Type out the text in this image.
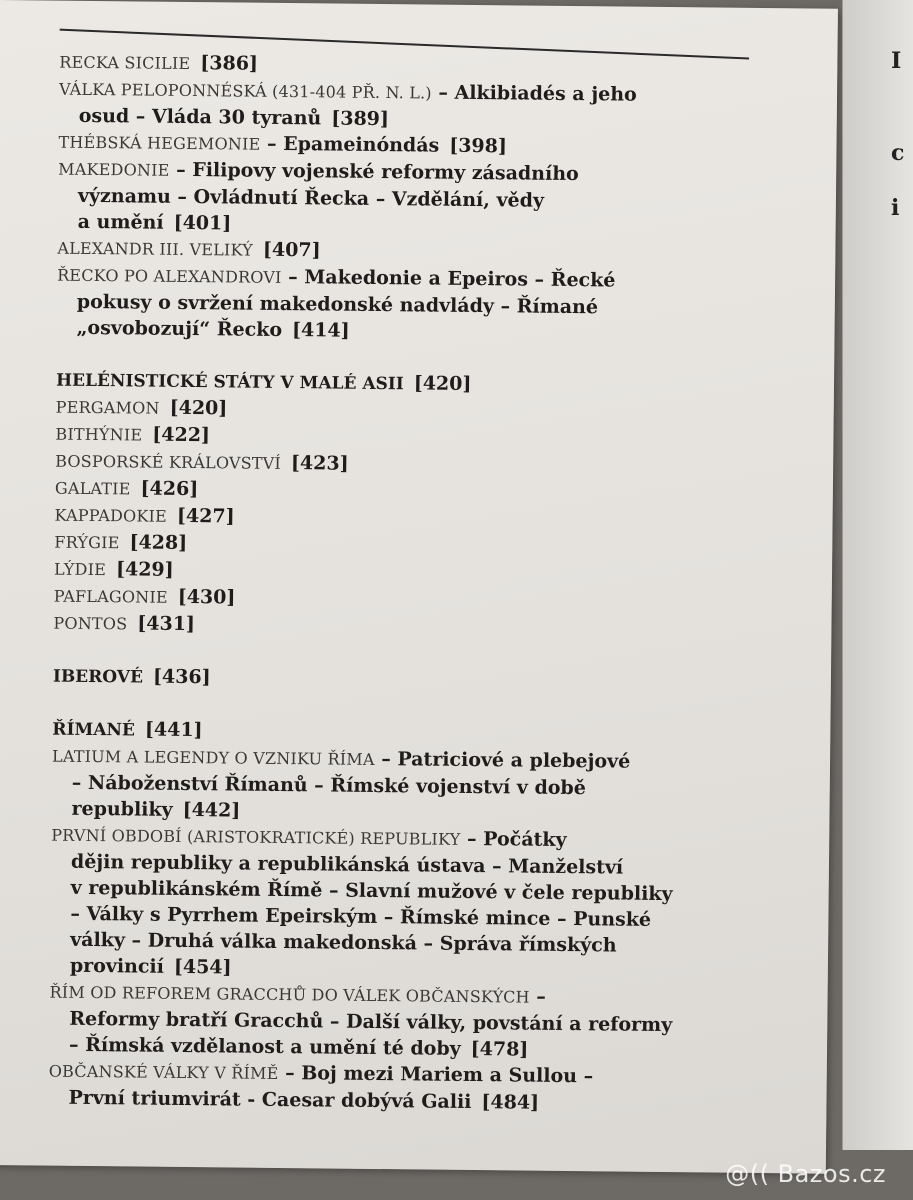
RECKA SICILIE [386]
VÁLKA PELOPONNÉSKÁ (431-404 PŘ. N. L.) – Alkibiadés a jeho
osud – Vláda 30 tyranů [389]
THÉBSKÁ HEGEMONIE – Epameinóndás [398]
MAKEDONIE – Filipovy vojenské reformy zásadního
významu – Ovládnutí Řecka – Vzdělání, vědy
a umění [401]
ALEXANDR III. VELIKÝ [407]
ŘECKO PO ALEXANDROVI – Makedonie a Epeiros – Řecké
pokusy o svržení makedonské nadvlády – Římané
„osvobozují“ Řecko [414]
HELÉNISTICKÉ STÁTY V MALÉ ASII [420]
PERGAMON [420]
BITHÝNIE [422]
BOSPORSKÉ KRÁLOVSTVÍ [423]
GALATIE [426]
KAPPADOKIE [427]
FRÝGIE [428]
LÝDIE [429]
PAFLAGONIE [430]
PONTOS [431]
IBEROVÉ [436]
ŘÍMANÉ [441]
LATIUM A LEGENDY O VZNIKU ŘÍMA – Patriciové a plebejové
– Náboženství Římanů – Římské vojenství v době
republiky [442]
PRVNÍ OBDOBÍ (ARISTOKRATICKÉ) REPUBLIKY – Počátky
dějin republiky a republikánská ústava – Manželství
v republikánském Římě – Slavní mužové v čele republiky
– Války s Pyrrhem Epeirským – Římské mince – Punské
války – Druhá válka makedonská – Správa římských
provincií [454]
ŘÍM OD REFOREM GRACCHŮ DO VÁLEK OBČANSKÝCH –
Reformy bratří Gracchů – Další války, povstání a reformy
– Římská vzdělanost a umění té doby [478]
OBČANSKÉ VÁLKY V ŘÍMĚ – Boj mezi Mariem a Sullou –
První triumvirát - Caesar dobývá Galii [484]
I
c
i
@(( Bazos.cz
